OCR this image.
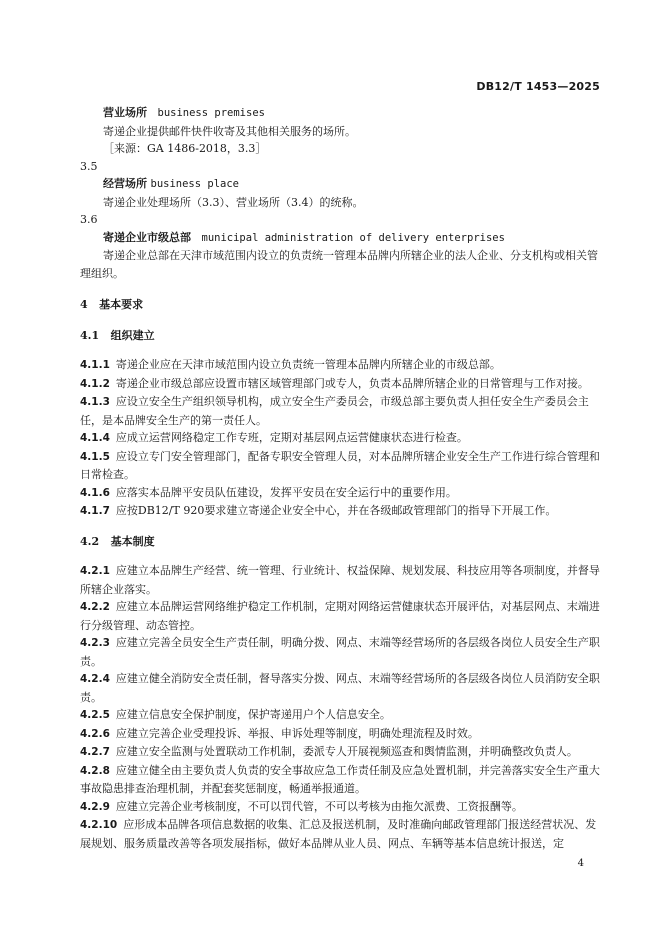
DB12/T 1453—2025

营业场所 business premises

寄递企业提供邮件快件收寄及其他相关服务的场所。

［来源：GA 1486-2018，3.3］

3.5

经营场所 business place

寄递企业处理场所（3.3）、营业场所（3.4）的统称。

3.6

寄递企业市级总部 municipal administration of delivery enterprises

寄递企业总部在天津市域范围内设立的负责统一管理本品牌内所辖企业的法人企业、分支机构或相关管理组织。

4 基本要求

4.1 组织建立

4.1.1 寄递企业应在天津市域范围内设立负责统一管理本品牌内所辖企业的市级总部。

4.1.2 寄递企业市级总部应设置市辖区域管理部门或专人，负责本品牌所辖企业的日常管理与工作对接。

4.1.3 应设立安全生产组织领导机构，成立安全生产委员会，市级总部主要负责人担任安全生产委员会主任，是本品牌安全生产的第一责任人。

4.1.4 应成立运营网络稳定工作专班，定期对基层网点运营健康状态进行检查。

4.1.5 应设立专门安全管理部门，配备专职安全管理人员，对本品牌所辖企业安全生产工作进行综合管理和日常检查。

4.1.6 应落实本品牌平安员队伍建设，发挥平安员在安全运行中的重要作用。

4.1.7 应按DB12/T 920要求建立寄递企业安全中心，并在各级邮政管理部门的指导下开展工作。

4.2 基本制度

4.2.1 应建立本品牌生产经营、统一管理、行业统计、权益保障、规划发展、科技应用等各项制度，并督导所辖企业落实。

4.2.2 应建立本品牌运营网络维护稳定工作机制，定期对网络运营健康状态开展评估，对基层网点、末端进行分级管理、动态管控。

4.2.3 应建立完善全员安全生产责任制，明确分拨、网点、末端等经营场所的各层级各岗位人员安全生产职责。

4.2.4 应建立健全消防安全责任制，督导落实分拨、网点、末端等经营场所的各层级各岗位人员消防安全职责。

4.2.5 应建立信息安全保护制度，保护寄递用户个人信息安全。

4.2.6 应建立完善企业受理投诉、举报、申诉处理等制度，明确处理流程及时效。

4.2.7 应建立安全监测与处置联动工作机制，委派专人开展视频巡查和舆情监测，并明确整改负责人。

4.2.8 应建立健全由主要负责人负责的安全事故应急工作责任制及应急处置机制，并完善落实安全生产重大事故隐患排查治理机制，并配套奖惩制度，畅通举报通道。

4.2.9 应建立完善企业考核制度，不可以罚代管，不可以考核为由拖欠派费、工资报酬等。

4.2.10 应形成本品牌各项信息数据的收集、汇总及报送机制，及时准确向邮政管理部门报送经营状况、发展规划、服务质量改善等各项发展指标，做好本品牌从业人员、网点、车辆等基本信息统计报送，定

4
